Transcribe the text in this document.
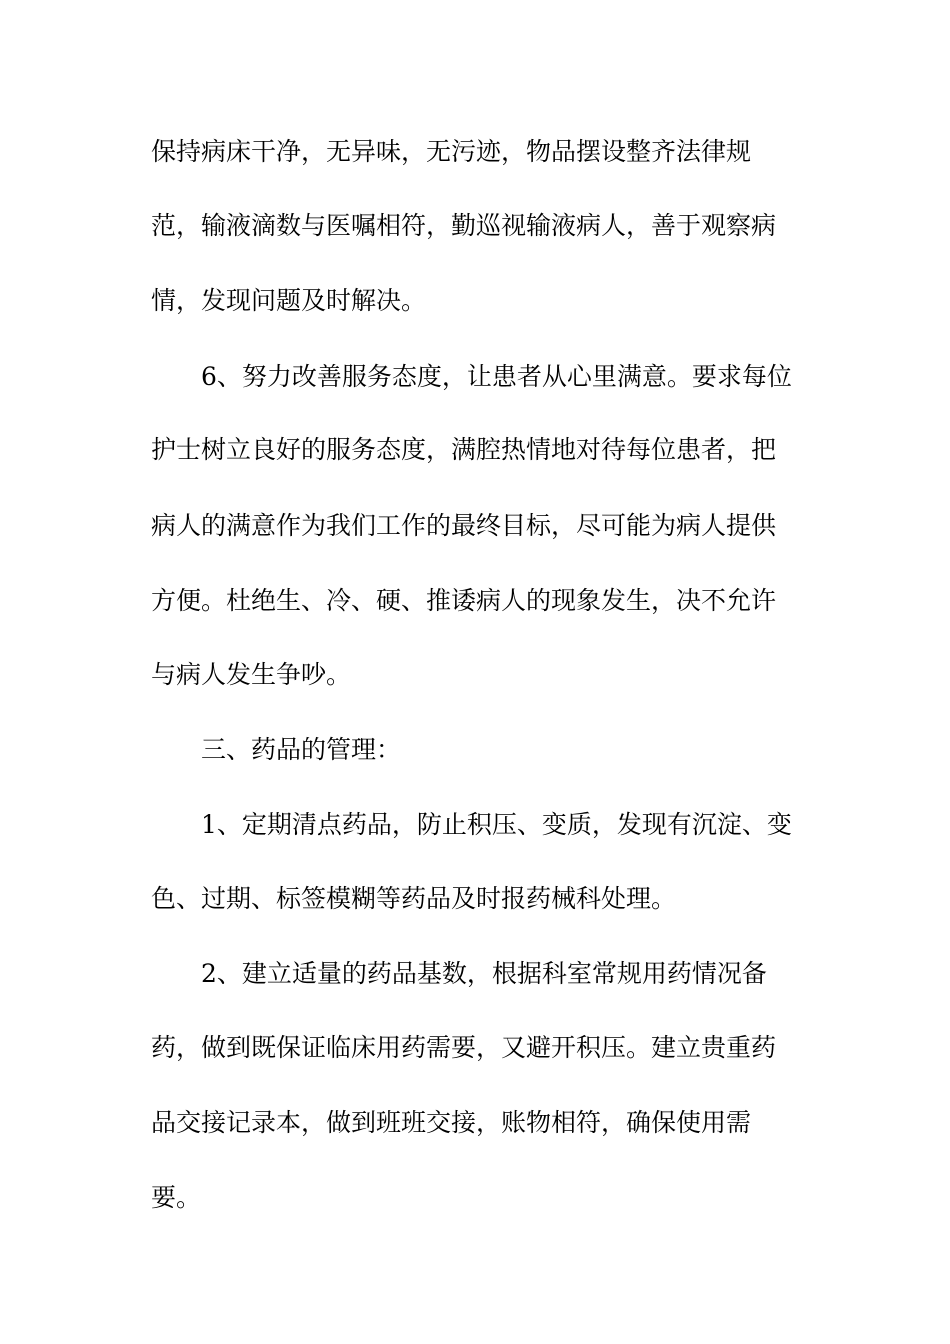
保持病床干净，无异味，无污迹，物品摆设整齐法律规

范，输液滴数与医嘱相符，勤巡视输液病人，善于观察病

情，发现问题及时解决。

6、努力改善服务态度，让患者从心里满意。要求每位

护士树立良好的服务态度，满腔热情地对待每位患者，把

病人的满意作为我们工作的最终目标，尽可能为病人提供

方便。杜绝生、冷、硬、推诿病人的现象发生，决不允许

与病人发生争吵。

三、药品的管理：

1、定期清点药品，防止积压、变质，发现有沉淀、变

色、过期、标签模糊等药品及时报药械科处理。

2、建立适量的药品基数，根据科室常规用药情况备

药，做到既保证临床用药需要，又避开积压。建立贵重药

品交接记录本，做到班班交接，账物相符，确保使用需

要。
